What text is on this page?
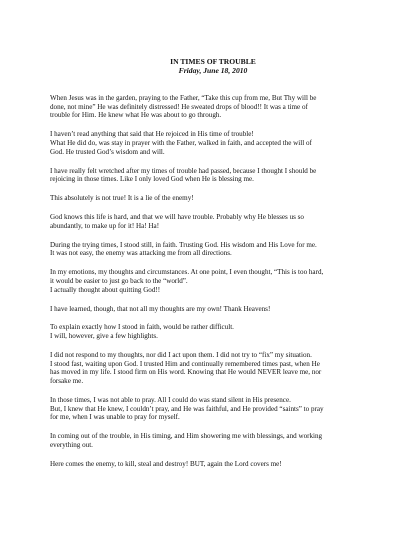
IN TIMES OF TROUBLE

Friday, June 18, 2010

When Jesus was in the garden, praying to the Father, “Take this cup from me, But Thy will be
done, not mine” He was definitely distressed! He sweated drops of blood!! It was a time of
trouble for Him. He knew what He was about to go through.

I haven’t read anything that said that He rejoiced in His time of trouble!
What He did do, was stay in prayer with the Father, walked in faith, and accepted the will of
God. He trusted God’s wisdom and will.

I have really felt wretched after my times of trouble had passed, because I thought I should be
rejoicing in those times. Like I only loved God when He is blessing me.

This absolutely is not true! It is a lie of the enemy!

God knows this life is hard, and that we will have trouble. Probably why He blesses us so
abundantly, to make up for it! Ha! Ha!

During the trying times, I stood still, in faith. Trusting God. His wisdom and His Love for me.
It was not easy, the enemy was attacking me from all directions.

In my emotions, my thoughts and circumstances. At one point, I even thought, “This is too hard,
it would be easier to just go back to the “world”.
I actually thought about quitting God!!

I have learned, though, that not all my thoughts are my own! Thank Heavens!

To explain exactly how I stood in faith, would be rather difficult.
I will, however, give a few highlights.

I did not respond to my thoughts, nor did I act upon them. I did not try to “fix” my situation.
I stood fast, waiting upon God. I trusted Him and continually remembered times past, when He
has moved in my life. I stood firm on His word. Knowing that He would NEVER leave me, nor
forsake me.

In those times, I was not able to pray. All I could do was stand silent in His presence.
But, I knew that He knew, I couldn’t pray, and He was faithful, and He provided “saints” to pray
for me, when I was unable to pray for myself.

In coming out of the trouble, in His timing, and Him showering me with blessings, and working
everything out.

Here comes the enemy, to kill, steal and destroy! BUT, again the Lord covers me!
